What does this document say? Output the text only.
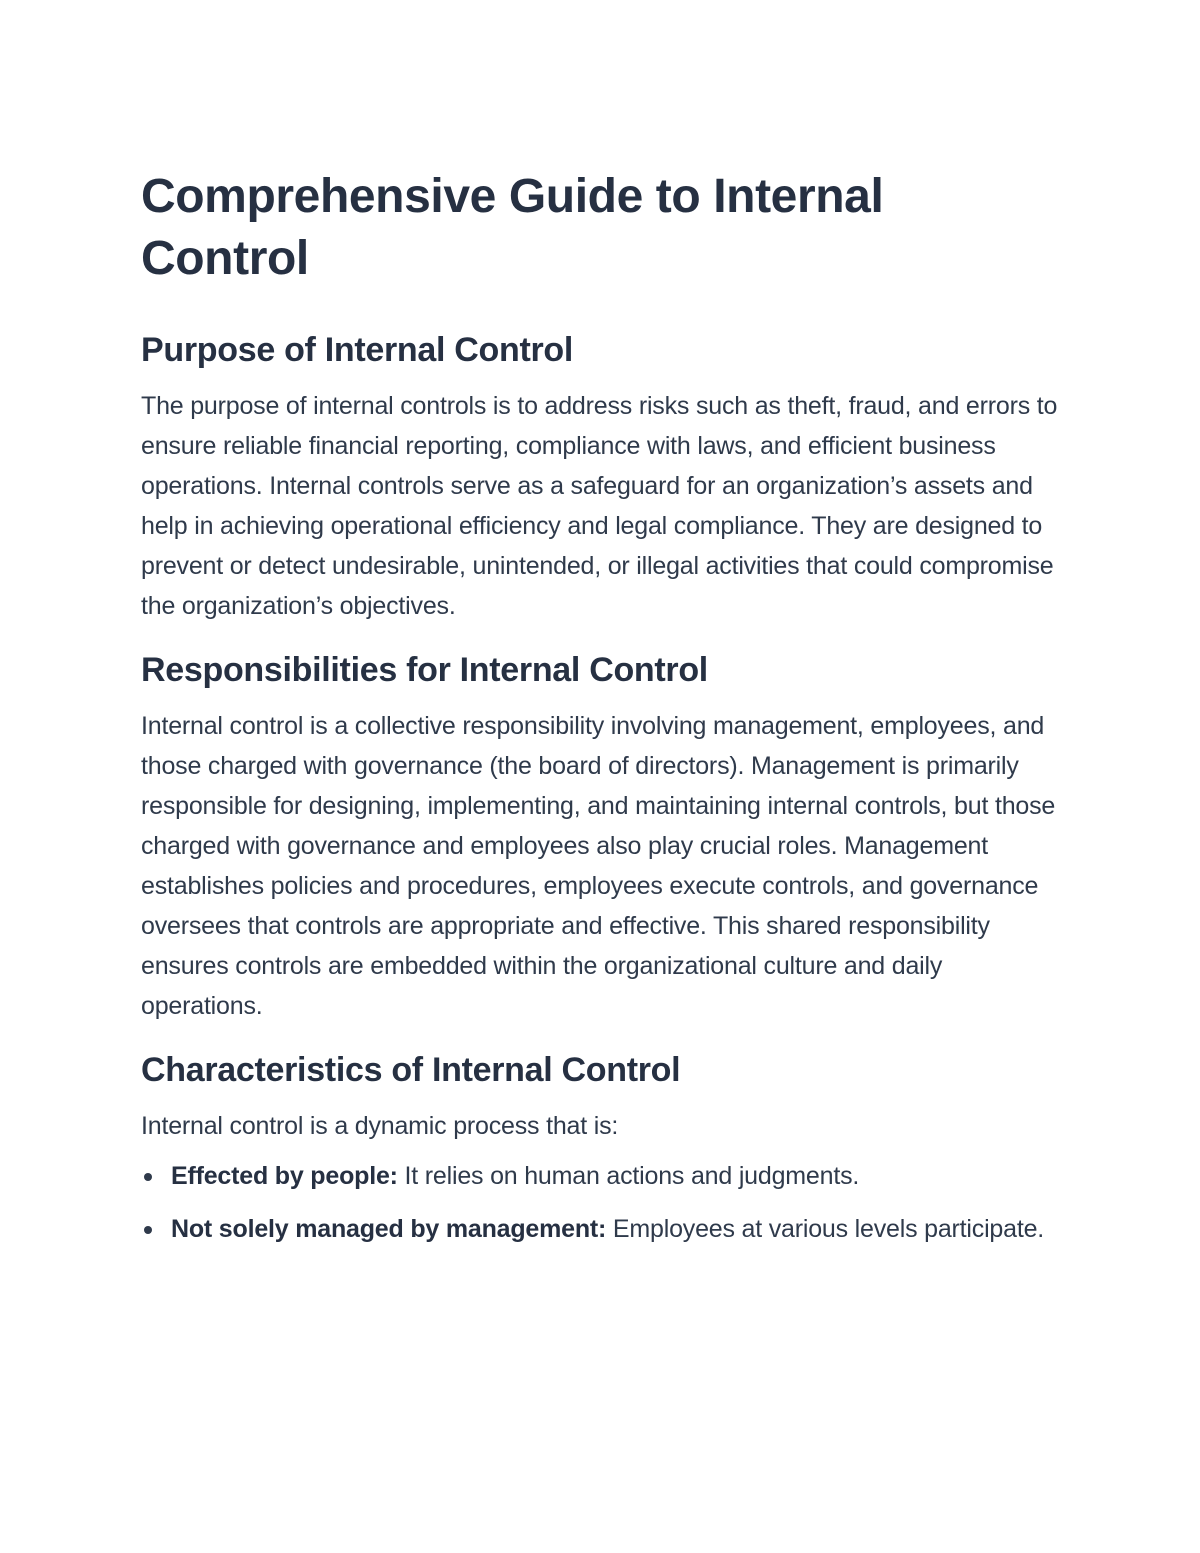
Comprehensive Guide to Internal Control
Purpose of Internal Control

The purpose of internal controls is to address risks such as theft, fraud, and errors to ensure reliable financial reporting, compliance with laws, and efficient business operations. Internal controls serve as a safeguard for an organization’s assets and help in achieving operational efficiency and legal compliance. They are designed to prevent or detect undesirable, unintended, or illegal activities that could compromise the organization’s objectives.

Responsibilities for Internal Control

Internal control is a collective responsibility involving management, employees, and those charged with governance (the board of directors). Management is primarily responsible for designing, implementing, and maintaining internal controls, but those charged with governance and employees also play crucial roles. Management establishes policies and procedures, employees execute controls, and governance oversees that controls are appropriate and effective. This shared responsibility ensures controls are embedded within the organizational culture and daily operations.

Characteristics of Internal Control

Internal control is a dynamic process that is:

Effected by people: It relies on human actions and judgments.
Not solely managed by management: Employees at various levels participate.
